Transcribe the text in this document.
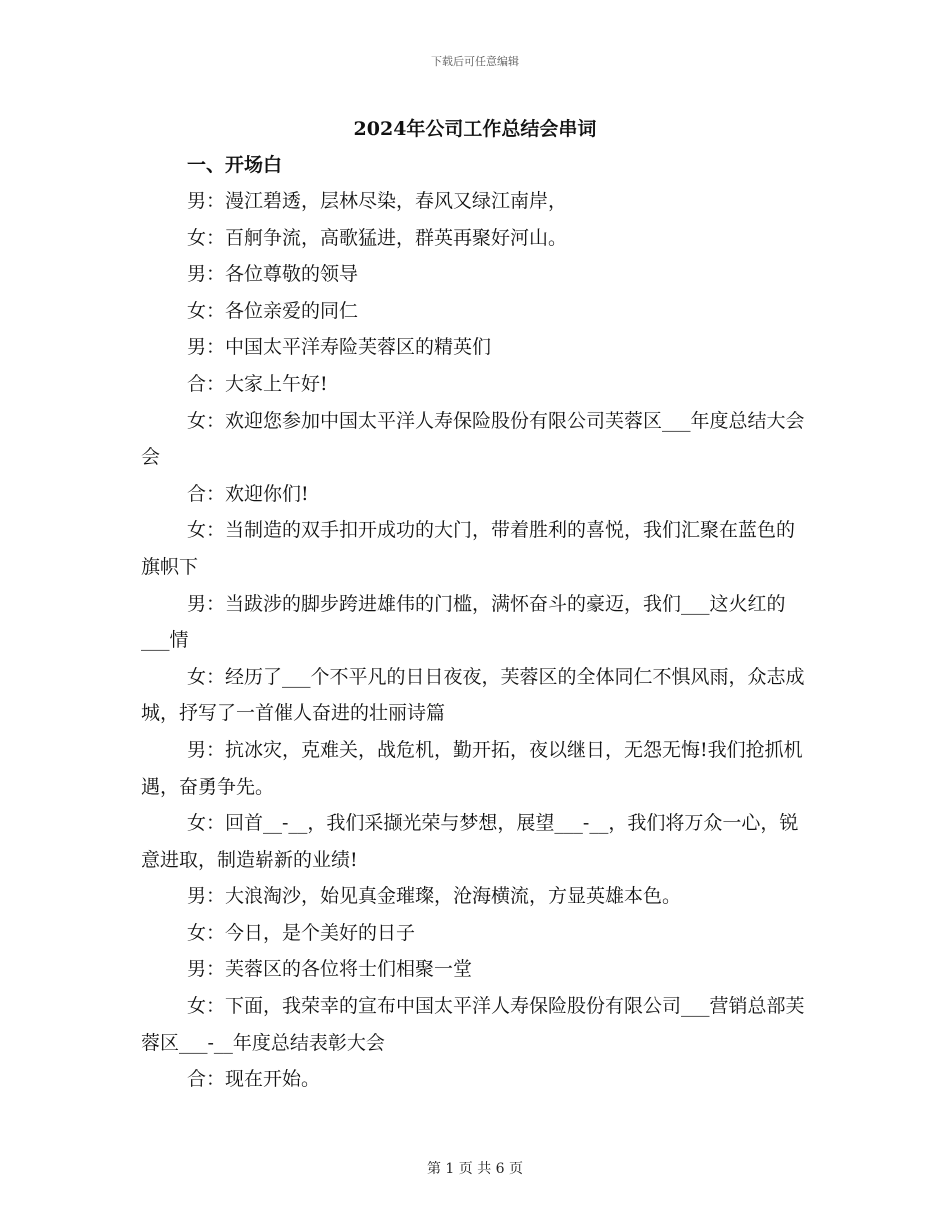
下载后可任意编辑
2024年公司工作总结会串词
一、开场白

男：漫江碧透，层林尽染，春风又绿江南岸，

女：百舸争流，高歌猛进，群英再聚好河山。

男：各位尊敬的领导

女：各位亲爱的同仁

男：中国太平洋寿险芙蓉区的精英们

合：大家上午好!

女：欢迎您参加中国太平洋人寿保险股份有限公司芙蓉区___年度总结大会会

合：欢迎你们!

女：当制造的双手扣开成功的大门，带着胜利的喜悦，我们汇聚在蓝色的旗帜下

男：当跋涉的脚步跨进雄伟的门槛，满怀奋斗的豪迈，我们___这火红的___情

女：经历了___个不平凡的日日夜夜，芙蓉区的全体同仁不惧风雨，众志成城，抒写了一首催人奋进的壮丽诗篇

男：抗冰灾，克难关，战危机，勤开拓，夜以继日，无怨无悔!我们抢抓机遇，奋勇争先。

女：回首__-__，我们采撷光荣与梦想，展望___-__，我们将万众一心，锐意进取，制造崭新的业绩!

男：大浪淘沙，始见真金璀璨，沧海横流，方显英雄本色。

女：今日，是个美好的日子

男：芙蓉区的各位将士们相聚一堂

女：下面，我荣幸的宣布中国太平洋人寿保险股份有限公司___营销总部芙蓉区___-__年度总结表彰大会

合：现在开始。

第 1 页 共 6 页
